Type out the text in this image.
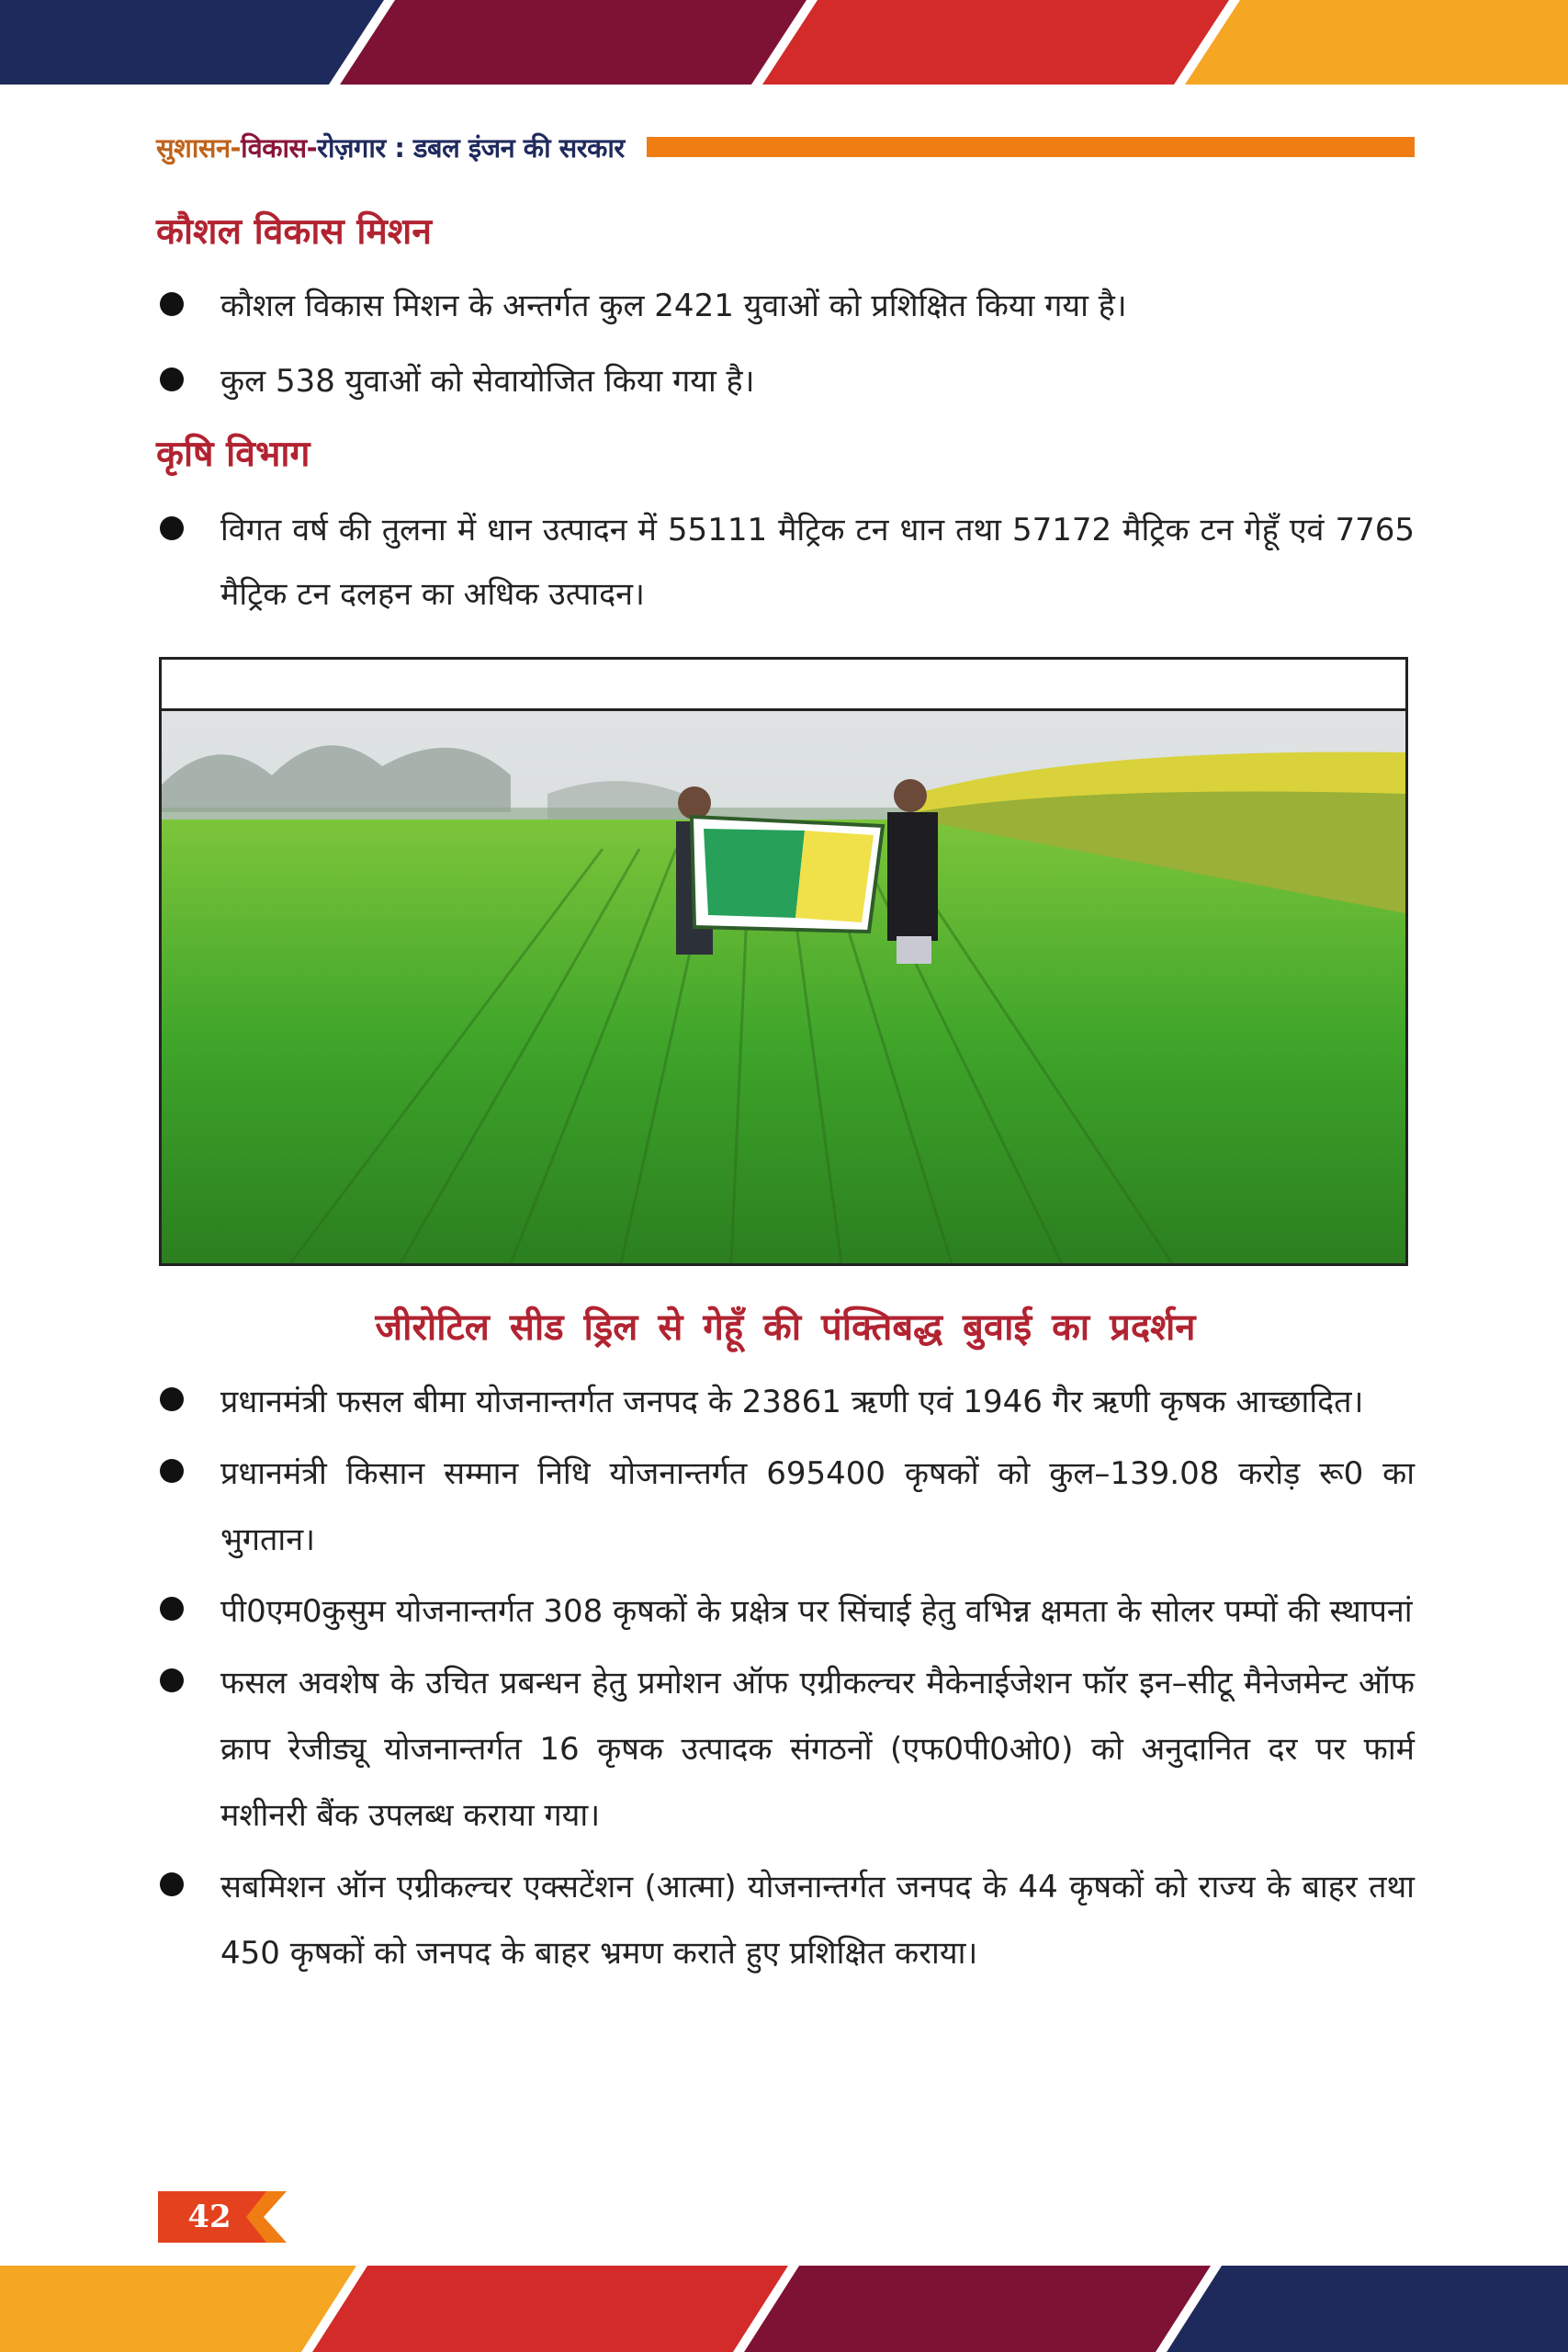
सुशासन-विकास-रोज़गार : डबल इंजन की सरकार
कौशल विकास मिशन
कौशल विकास मिशन के अन्तर्गत कुल 2421 युवाओं को प्रशिक्षित किया गया है।
कुल 538 युवाओं को सेवायोजित किया गया है।
कृषि विभाग
विगत वर्ष की तुलना में धान उत्पादन में 55111 मैट्रिक टन धान तथा 57172 मैट्रिक टन गेहूँ एवं 7765 मैट्रिक टन दलहन का अधिक उत्पादन।

जीरोटिल सीड ड्रिल से गेहूँ की पंक्तिबद्ध बुवाई का प्रदर्शन

प्रधानमंत्री फसल बीमा योजनान्तर्गत जनपद के 23861 ऋणी एवं 1946 गैर ऋणी कृषक आच्छादित।
प्रधानमंत्री किसान सम्मान निधि योजनान्तर्गत 695400 कृषकों को कुल–139.08 करोड़ रू0 का भुगतान।
पी0एम0कुसुम योजनान्तर्गत 308 कृषकों के प्रक्षेत्र पर सिंचाई हेतु वभिन्न क्षमता के सोलर पम्पों की स्थापनां
फसल अवशेष के उचित प्रबन्धन हेतु प्रमोशन ऑफ एग्रीकल्चर मैकेनाईजेशन फॉर इन–सीटू मैनेजमेन्ट ऑफ क्राप रेजीड्यू योजनान्तर्गत 16 कृषक उत्पादक संगठनों (एफ0पी0ओ0) को अनुदानित दर पर फार्म मशीनरी बैंक उपलब्ध कराया गया।
सबमिशन ऑन एग्रीकल्चर एक्सटेंशन (आत्मा) योजनान्तर्गत जनपद के 44 कृषकों को राज्य के बाहर तथा 450 कृषकों को जनपद के बाहर भ्रमण कराते हुए प्रशिक्षित कराया।
42
